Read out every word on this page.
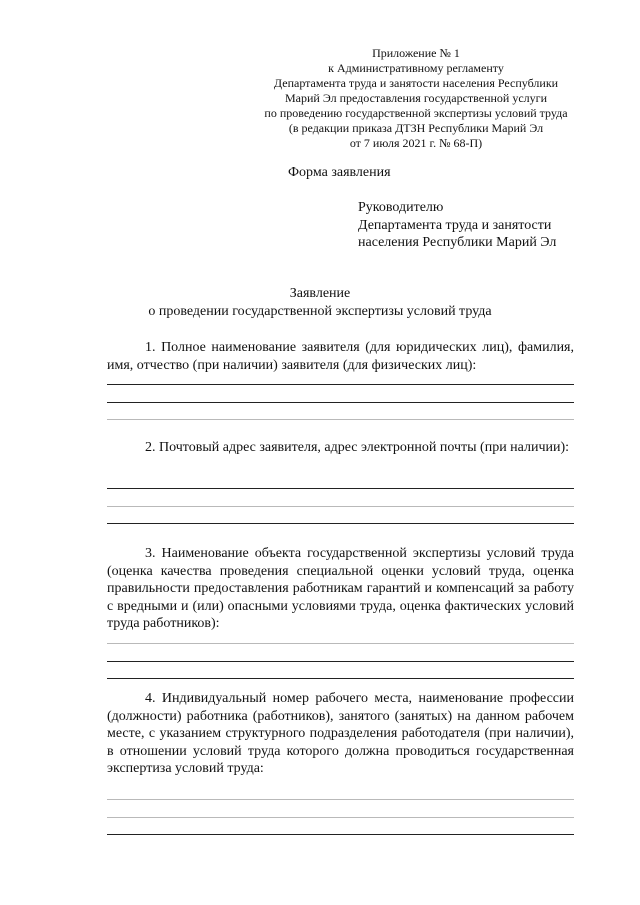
Приложение № 1
к Административному регламенту
Департамента труда и занятости населения Республики
Марий Эл предоставления государственной услуги
по проведению государственной экспертизы условий труда
(в редакции приказа ДТЗН Республики Марий Эл
от 7 июля 2021 г. № 68-П)
Форма заявления
Руководителю
Департамента труда и занятости
населения Республики Марий Эл
Заявление
о проведении государственной экспертизы условий труда

1. Полное наименование заявителя (для юридических лиц), фамилия, имя, отчество (при наличии) заявителя (для физических лиц):

2. Почтовый адрес заявителя, адрес электронной почты (при наличии):

3. Наименование объекта государственной экспертизы условий труда (оценка качества проведения специальной оценки условий труда, оценка правильности предоставления работникам гарантий и компенсаций за работу с вредными и (или) опасными условиями труда, оценка фактических условий труда работников):

4. Индивидуальный номер рабочего места, наименование профессии (должности) работника (работников), занятого (занятых) на данном рабочем месте, с указанием структурного подразделения работодателя (при наличии), в отношении условий труда которого должна проводиться государственная экспертиза условий труда:
